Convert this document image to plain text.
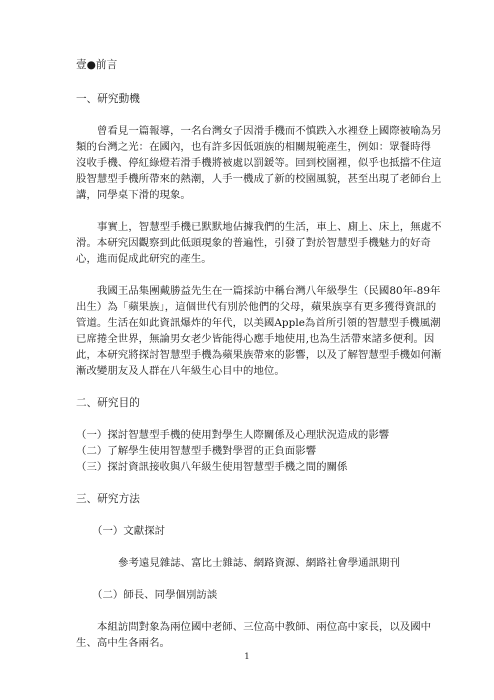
壹●前言
一、研究動機
曾看見一篇報導，一名台灣女子因滑手機而不慎跌入水裡登上國際被喻為另
類的台灣之光：在國內，也有許多因低頭族的相關規範產生，例如：眾餐時得
沒收手機、停紅綠燈若滑手機將被處以罰鍰等。回到校園裡，似乎也抵擋不住這
股智慧型手機所帶來的熱潮，人手一機成了新的校園風貌，甚至出現了老師台上
講，同學桌下滑的現象。
事實上，智慧型手機已默默地佔據我們的生活，車上、廁上、床上，無處不
滑。本研究因觀察到此低頭現象的普遍性，引發了對於智慧型手機魅力的好奇
心，進而促成此研究的產生。
我國王品集團戴勝益先生在一篇採訪中稱台灣八年級學生（民國80年-89年
出生）為「蘋果族」，這個世代有別於他們的父母，蘋果族享有更多獲得資訊的
管道。生活在如此資訊爆炸的年代，以美國Apple為首所引領的智慧型手機風潮
已席捲全世界，無論男女老少皆能得心應手地使用,也為生活帶來諸多便利。因
此，本研究將探討智慧型手機為蘋果族帶來的影響，以及了解智慧型手機如何漸
漸改變朋友及人群在八年級生心目中的地位。
二、研究目的
（一）探討智慧型手機的使用對學生人際關係及心理狀況造成的影響
（二）了解學生使用智慧型手機對學習的正負面影響
（三）探討資訊接收與八年級生使用智慧型手機之間的關係
三、研究方法
（一）文獻探討
參考遠見雜誌、富比士雜誌、網路資源、網路社會學通訊期刊
（二）師長、同學個別訪談
本組訪問對象為兩位國中老師、三位高中教師、兩位高中家長，以及國中
生、高中生各兩名。
1
